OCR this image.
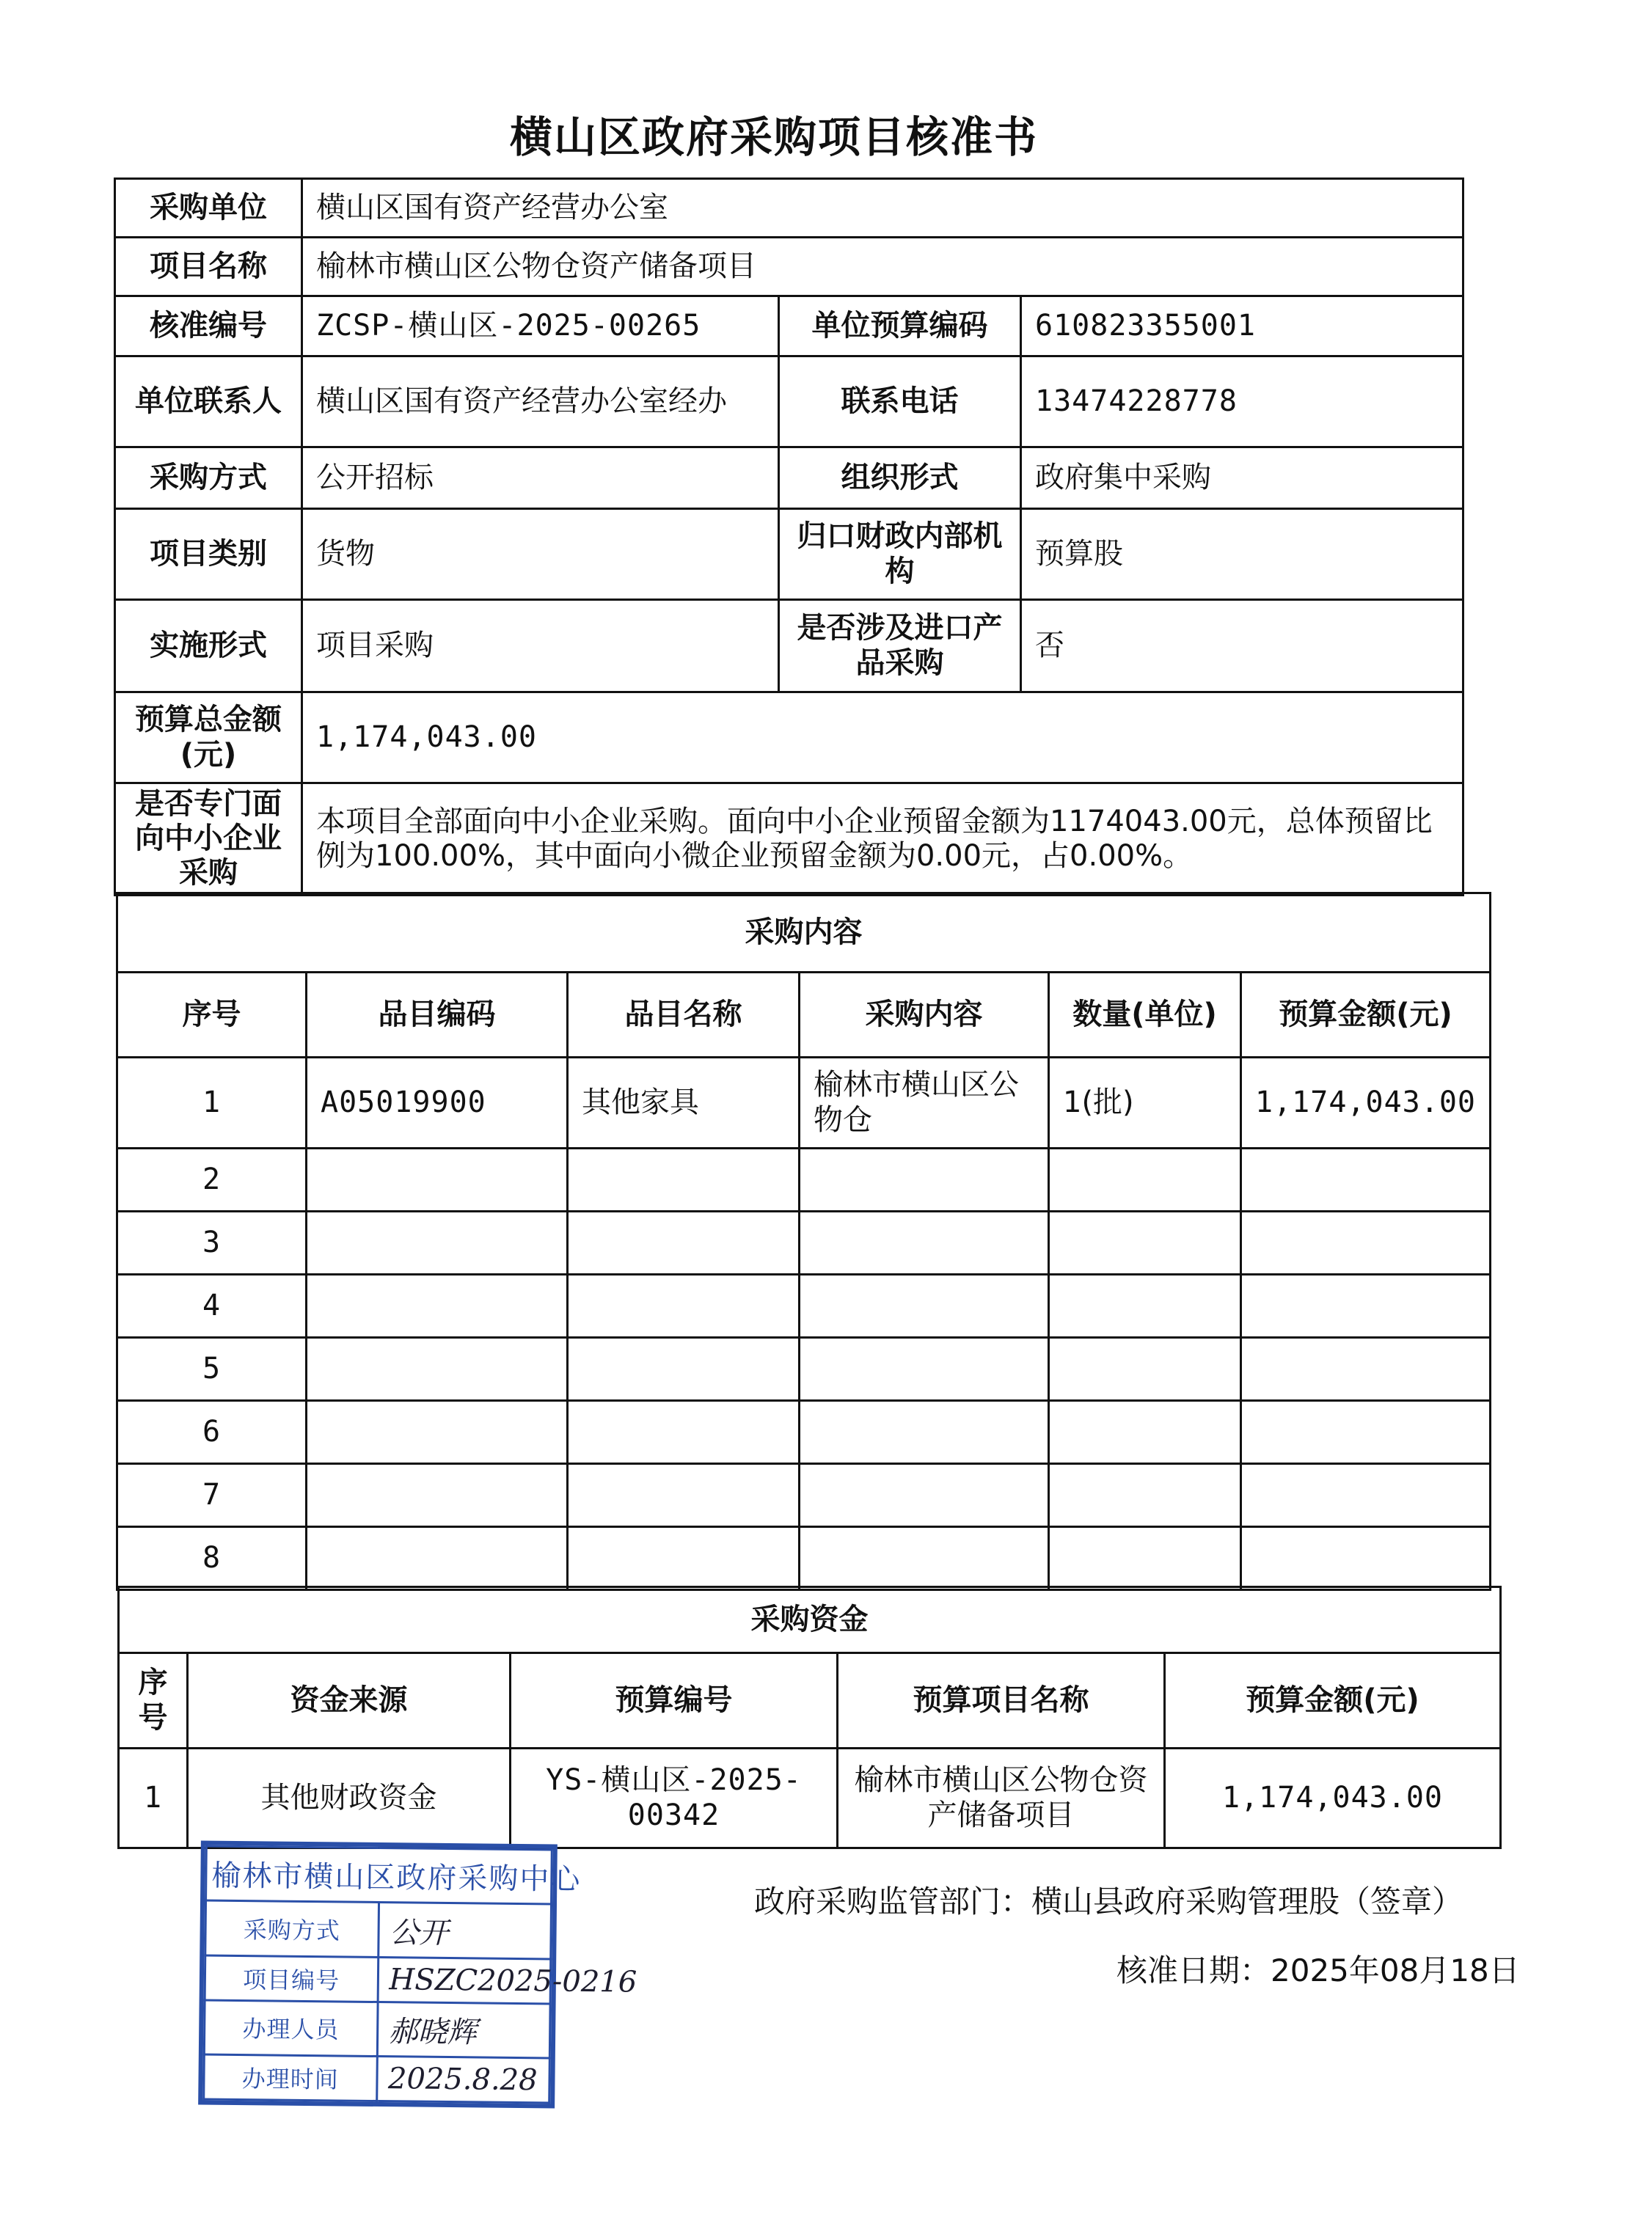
横山区政府采购项目核准书
采购单位	横山区国有资产经营办公室		
项目名称	榆林市横山区公物仓资产储备项目		
核准编号	ZCSP-横山区-2025-00265	单位预算编码	610823355001
单位联系人	横山区国有资产经营办公室经办	联系电话	13474228778
采购方式	公开招标	组织形式	政府集中采购
项目类别	货物	归口财政内部机构	预算股
实施形式	项目采购	是否涉及进口产品采购	否
预算总金额(元)	1,174,043.00		
是否专门面向中小企业采购	本项目全部面向中小企业采购。面向中小企业预留金额为1174043.00元，总体预留比例为100.00%，其中面向小微企业预留金额为0.00元，占0.00%。		
采购内容					
序号	品目编码	品目名称	采购内容	数量(单位)	预算金额(元)
1	A05019900	其他家具	榆林市横山区公物仓	1(批)	1,174,043.00
2					
3					
4					
5					
6					
7					
8					
采购资金				
序号	资金来源	预算编号	预算项目名称	预算金额(元)
1	其他财政资金	YS-横山区-2025-00342	榆林市横山区公物仓资产储备项目	1,174,043.00
政府采购监管部门：横山县政府采购管理股（签章）
核准日期：2025年08月18日
榆林市横山区政府采购中心	
采购方式	公开
项目编号	HSZC2025-0216
办理人员	郝晓辉
办理时间	2025.8.28
